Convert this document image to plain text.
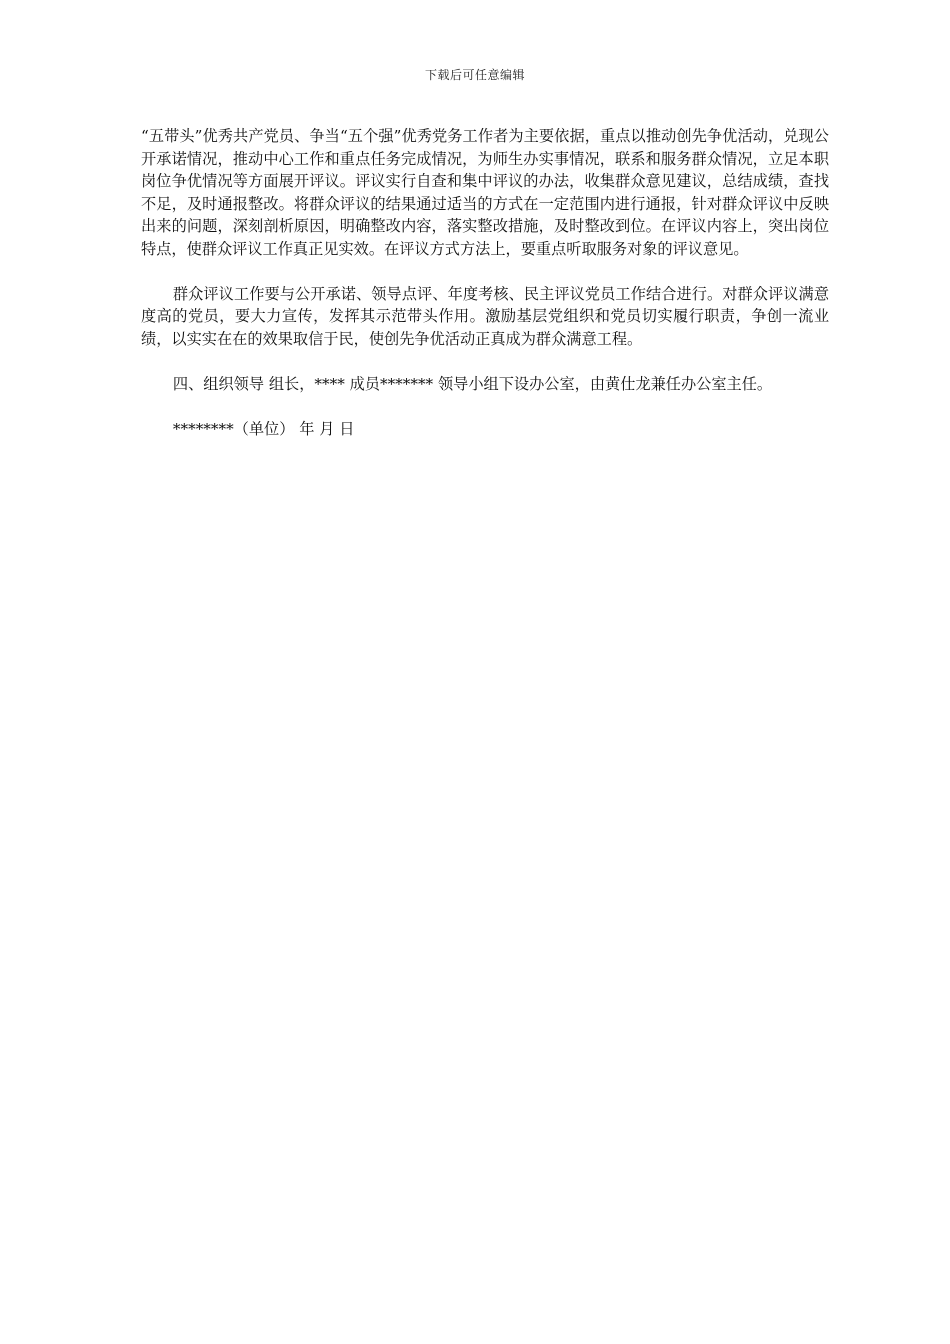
下载后可任意编辑

“五带头”优秀共产党员、争当“五个强”优秀党务工作者为主要依据，重点以推动创先争优活动，兑现公开承诺情况，推动中心工作和重点任务完成情况，为师生办实事情况，联系和服务群众情况，立足本职岗位争优情况等方面展开评议。评议实行自查和集中评议的办法，收集群众意见建议，总结成绩，查找不足，及时通报整改。将群众评议的结果通过适当的方式在一定范围内进行通报，针对群众评议中反映出来的问题，深刻剖析原因，明确整改内容，落实整改措施，及时整改到位。在评议内容上，突出岗位特点，使群众评议工作真正见实效。在评议方式方法上，要重点听取服务对象的评议意见。

群众评议工作要与公开承诺、领导点评、年度考核、民主评议党员工作结合进行。对群众评议满意度高的党员，要大力宣传，发挥其示范带头作用。激励基层党组织和党员切实履行职责，争创一流业绩，以实实在在的效果取信于民，使创先争优活动正真成为群众满意工程。

四、组织领导 组长，**** 成员******* 领导小组下设办公室，由黄仕龙兼任办公室主任。

********（单位） 年 月 日
